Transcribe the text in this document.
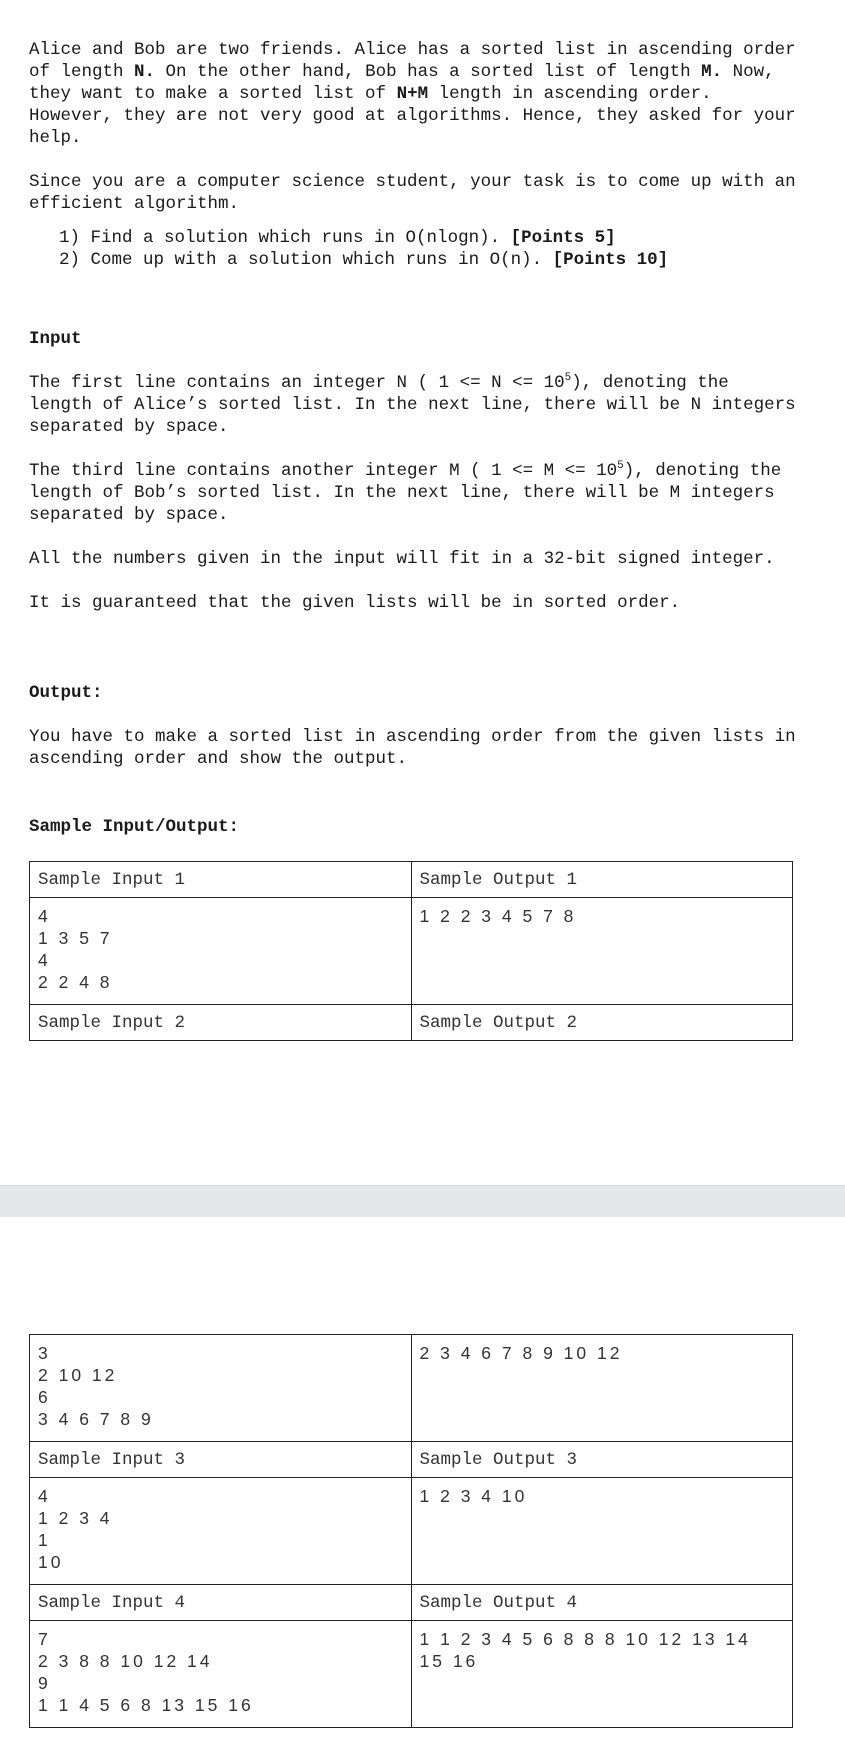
Alice and Bob are two friends. Alice has a sorted list in ascending order of length N. On the other hand, Bob has a sorted list of length M. Now, they want to make a sorted list of N+M length in ascending order. However, they are not very good at algorithms. Hence, they asked for your help.

Since you are a computer science student, your task is to come up with an efficient algorithm.

1) Find a solution which runs in O(nlogn). [Points 5]
2) Come up with a solution which runs in O(n). [Points 10]
Input

The first line contains an integer N ( $1 <= N <= 10^5$), denoting the length of Alice’s sorted list. In the next line, there will be N integers separated by space.

The third line contains another integer M ( $1 <= M <= 10^5$), denoting the length of Bob’s sorted list. In the next line, there will be M integers separated by space.

All the numbers given in the input will fit in a 32-bit signed integer.

It is guaranteed that the given lists will be in sorted order.

Output:

You have to make a sorted list in ascending order from the given lists in ascending order and show the output.

Sample Input/Output:
Sample Input 1	Sample Output 1

4
1 3 5 7
4
2 2 4 8	1 2 2 3 4 5 7 8
Sample Input 2	Sample Output 2
3
2 10 12
6
3 4 6 7 8 9	2 3 4 6 7 8 9 10 12
Sample Input 3	Sample Output 3

4
1 2 3 4
1
10	1 2 3 4 10
Sample Input 4	Sample Output 4

7
2 3 8 8 10 12 14
9
1 1 4 5 6 8 13 15 16	1 1 2 3 4 5 6 8 8 8 10 12 13 14 15 16
